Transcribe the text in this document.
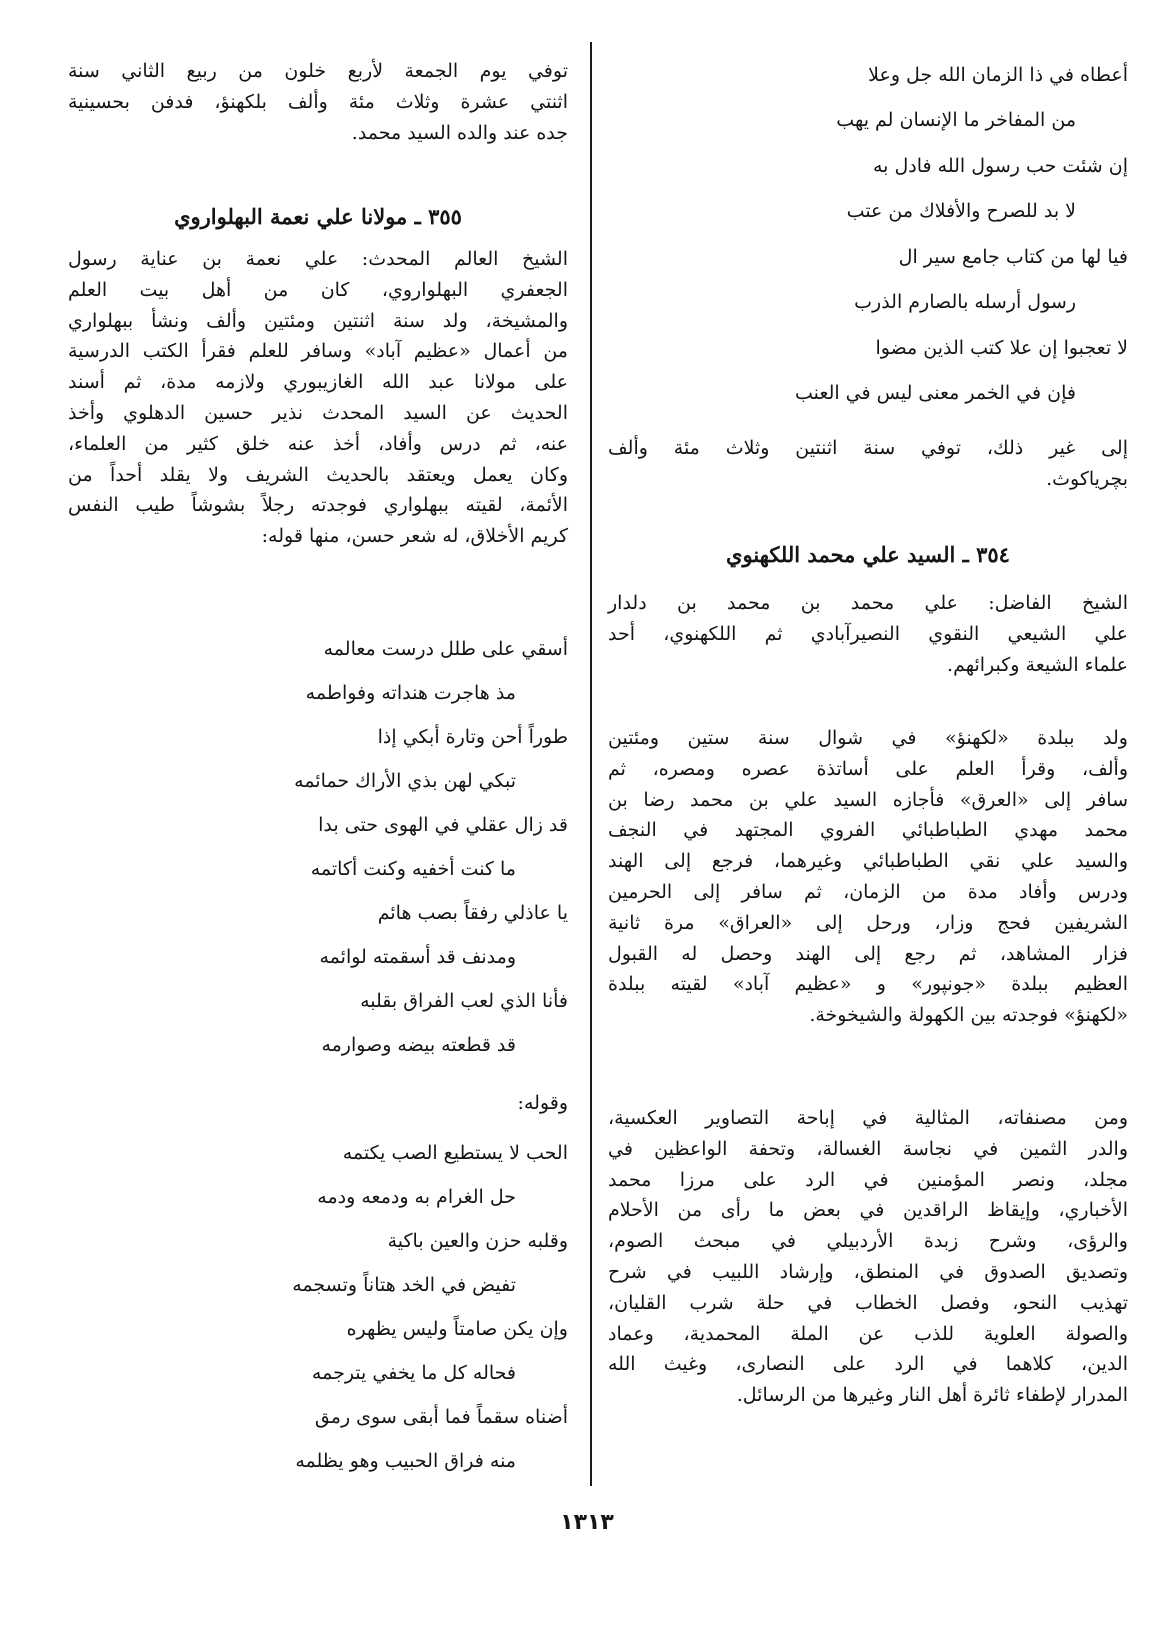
أعطاه في ذا الزمان الله جل وعلا
من المفاخر ما الإنسان لم يهب
إن شئت حب رسول الله فادل به
لا بد للصرح والأفلاك من عتب
فيا لها من كتاب جامع سير ال
رسول أرسله بالصارم الذرب
لا تعجبوا إن علا كتب الذين مضوا
فإن في الخمر معنى ليس في العنب

إلى غير ذلك، توفي سنة اثنتين وثلاث مئة وألف
بچرياكوث.

٣٥٤ ـ السيد علي محمد اللكهنوي

الشيخ الفاضل: علي محمد بن محمد بن دلدار
علي الشيعي النقوي النصيرآبادي ثم اللكهنوي، أحد
علماء الشيعة وكبرائهم.

ولد ببلدة «لكهنؤ» في شوال سنة ستين ومئتين
وألف، وقرأ العلم على أساتذة عصره ومصره، ثم
سافر إلى «العرق» فأجازه السيد علي بن محمد رضا بن
محمد مهدي الطباطبائي الفروي المجتهد في النجف
والسيد علي نقي الطباطبائي وغيرهما، فرجع إلى الهند
ودرس وأفاد مدة من الزمان، ثم سافر إلى الحرمين
الشريفين فحج وزار، ورحل إلى «العراق» مرة ثانية
فزار المشاهد، ثم رجع إلى الهند وحصل له القبول
العظيم ببلدة «جونپور» و «عظيم آباد» لقيته ببلدة
«لكهنؤ» فوجدته بين الكهولة والشيخوخة.

ومن مصنفاته، المثالية في إباحة التصاوير العكسية،
والدر الثمين في نجاسة الغسالة، وتحفة الواعظين في
مجلد، ونصر المؤمنين في الرد على مرزا محمد
الأخباري، وإيقاظ الراقدين في بعض ما رأى من الأحلام
والرؤى، وشرح زبدة الأردبيلي في مبحث الصوم،
وتصديق الصدوق في المنطق، وإرشاد اللبيب في شرح
تهذيب النحو، وفصل الخطاب في حلة شرب القليان،
والصولة العلوية للذب عن الملة المحمدية، وعماد
الدين، كلاهما في الرد على النصارى، وغيث الله
المدرار لإطفاء ثائرة أهل النار وغيرها من الرسائل.

توفي يوم الجمعة لأربع خلون من ربيع الثاني سنة
اثنتي عشرة وثلاث مئة وألف بلكهنؤ، فدفن بحسينية
جده عند والده السيد محمد.

٣٥٥ ـ مولانا علي نعمة البهلواروي

الشيخ العالم المحدث: علي نعمة بن عناية رسول
الجعفري البهلواروي، كان من أهل بيت العلم
والمشيخة، ولد سنة اثنتين ومئتين وألف ونشأ ببهلواري
من أعمال «عظيم آباد» وسافر للعلم فقرأ الكتب الدرسية
على مولانا عبد الله الغازيبوري ولازمه مدة، ثم أسند
الحديث عن السيد المحدث نذير حسين الدهلوي وأخذ
عنه، ثم درس وأفاد، أخذ عنه خلق كثير من العلماء،
وكان يعمل ويعتقد بالحديث الشريف ولا يقلد أحداً من
الأئمة، لقيته ببهلواري فوجدته رجلاً بشوشاً طيب النفس
كريم الأخلاق، له شعر حسن، منها قوله:

أسقي على طلل درست معالمه
مذ هاجرت هنداته وفواطمه
طوراً أحن وتارة أبكي إذا
تبكي لهن بذي الأراك حمائمه
قد زال عقلي في الهوى حتى بدا
ما كنت أخفيه وكنت أكاتمه
يا عاذلي رفقاً بصب هائم
ومدنف قد أسقمته لوائمه
فأنا الذي لعب الفراق بقلبه
قد قطعته بيضه وصوارمه
وقوله:
الحب لا يستطيع الصب يكتمه
حل الغرام به ودمعه ودمه
وقلبه حزن والعين باكية
تفيض في الخد هتاناً وتسجمه
وإن يكن صامتاً وليس يظهره
فحاله كل ما يخفي يترجمه
أضناه سقماً فما أبقى سوى رمق
منه فراق الحبيب وهو يظلمه
١٣١٣
